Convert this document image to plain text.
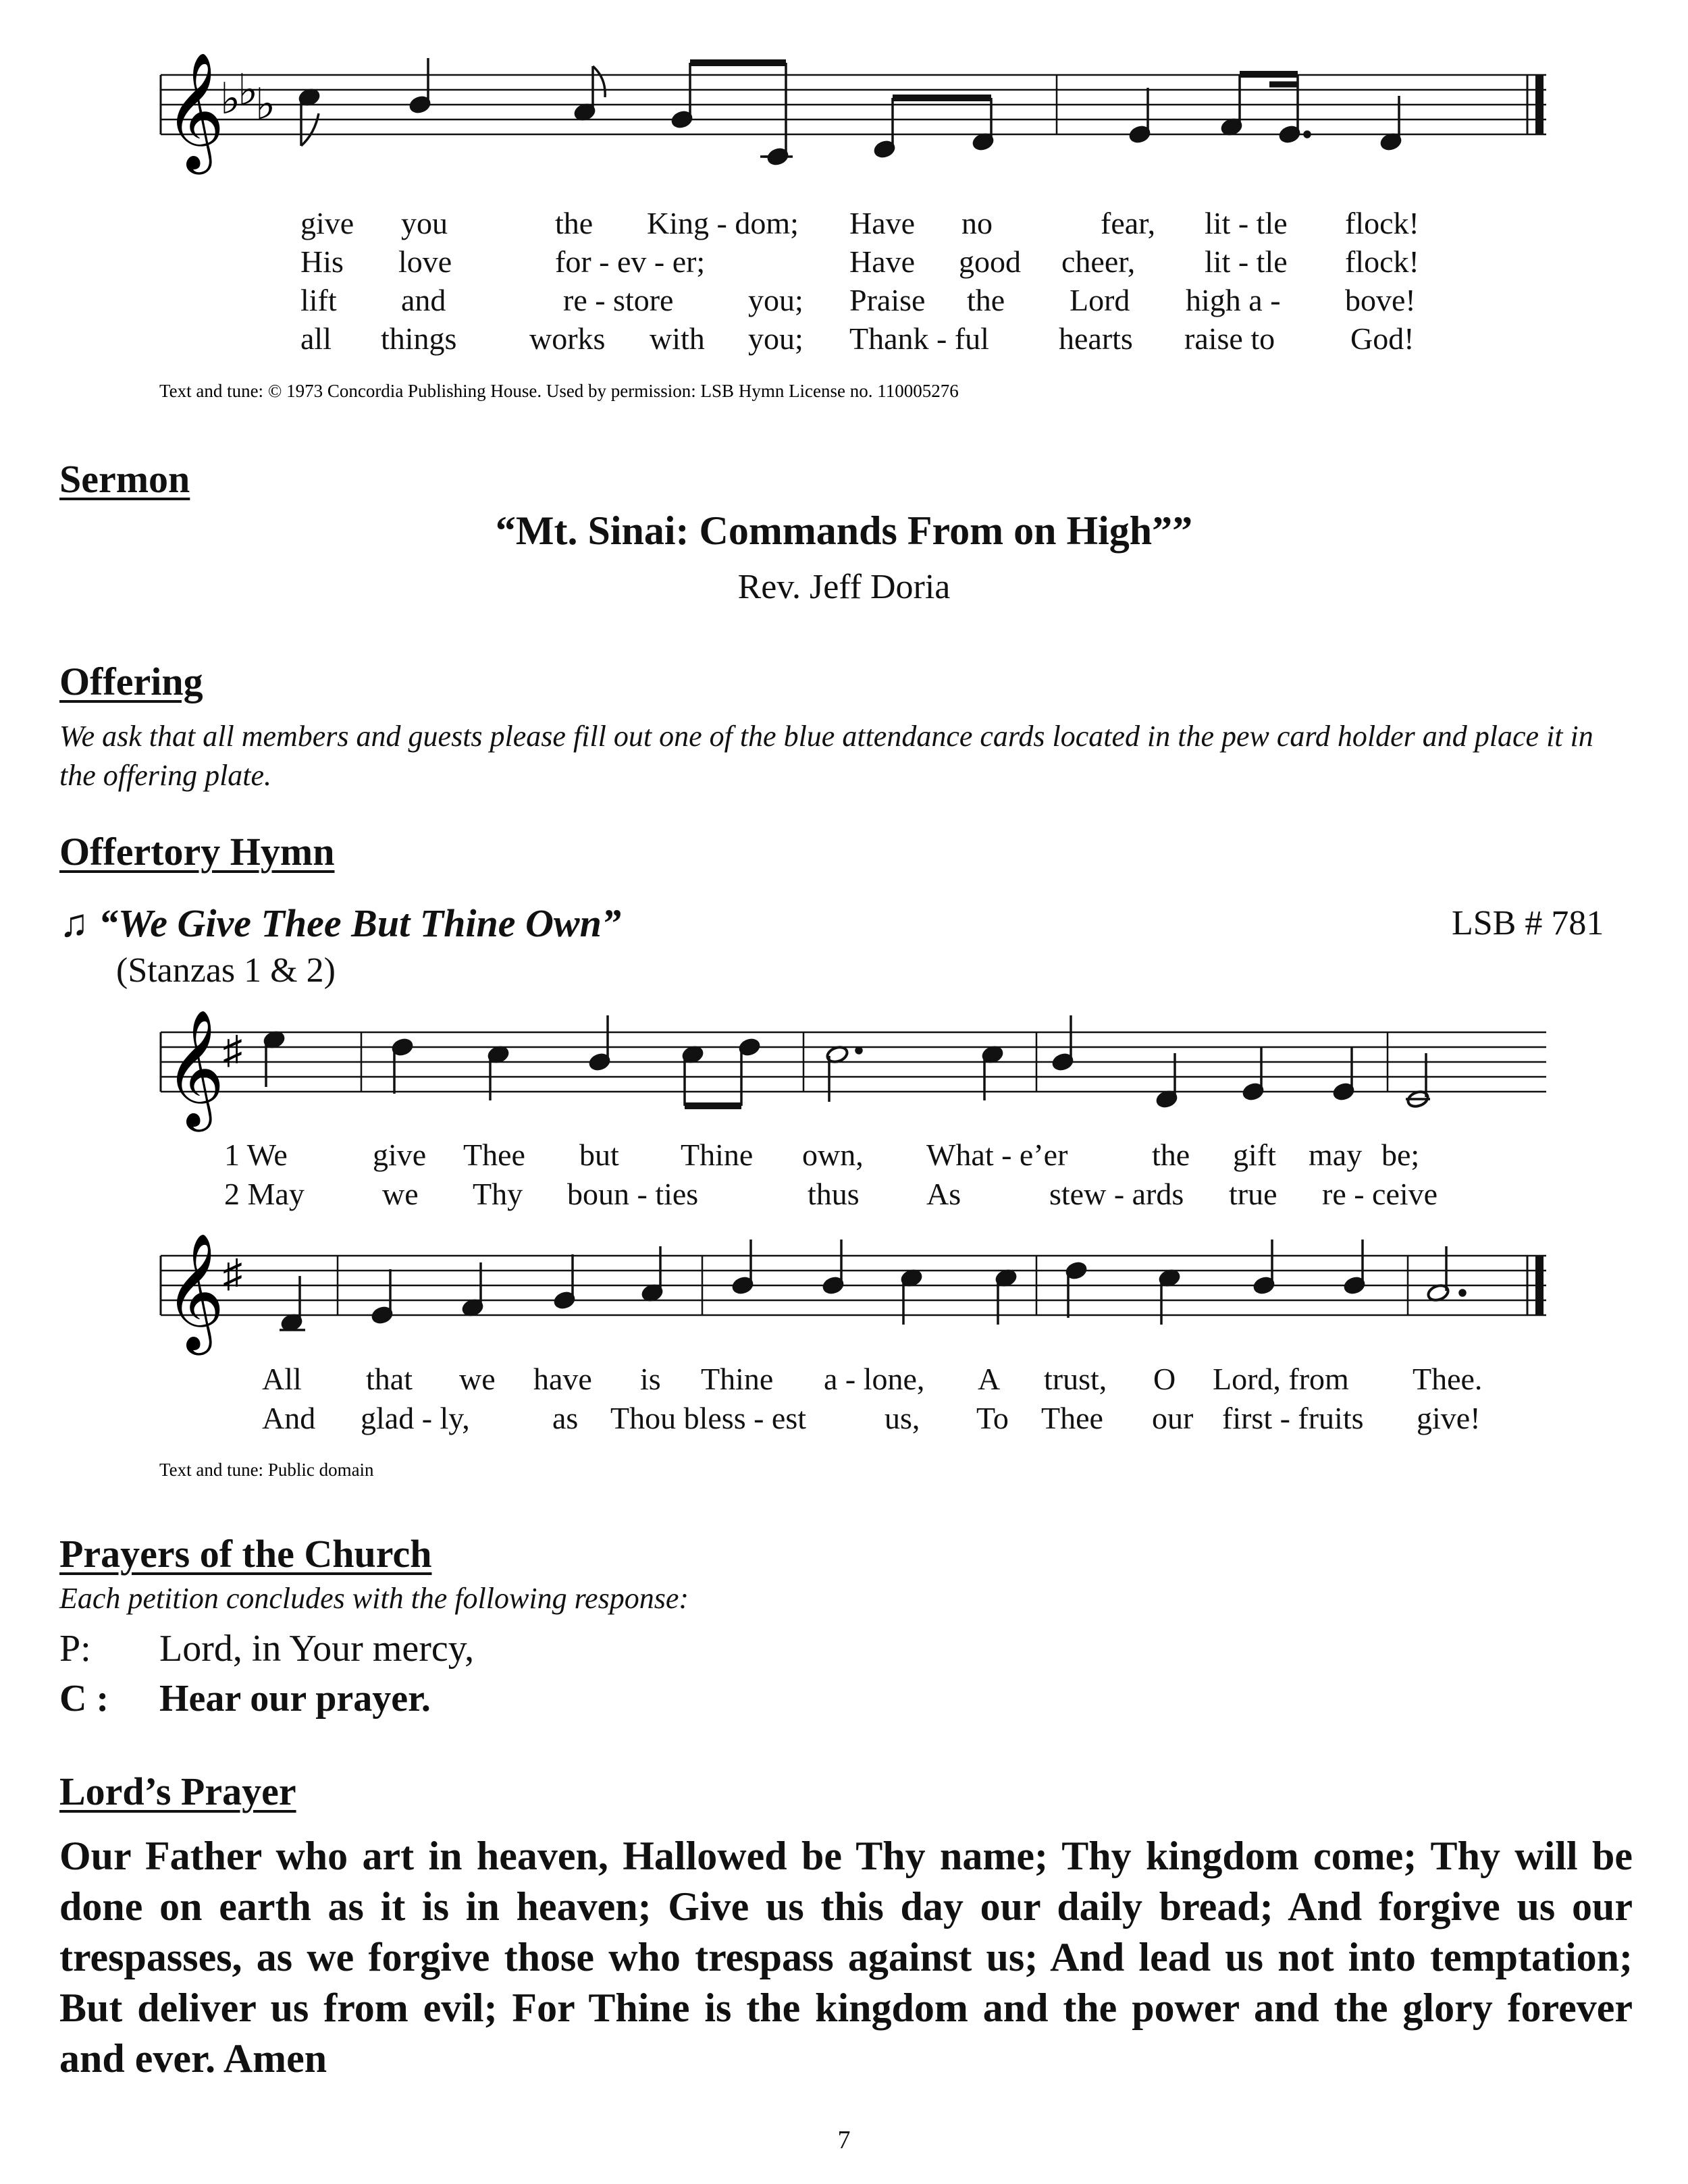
𝄞
♭
♭
♭
give you	the King - dom; Have no	fear, lit - tle flock!
His love	for - ev - er;	Have good cheer, lit - tle flock!
lift and	re - store you; Praise the Lord high a - bove!
all things works with you; Thank - ful hearts raise to God!
Text and tune: © 1973 Concordia Publishing House. Used by permission: LSB Hymn License no. 110005276
Sermon
“Mt. Sinai: Commands From on High””
Rev. Jeff Doria
Offering
We ask that all members and guests please fill out one of the blue attendance cards located in the pew card holder and place it in the offering plate.
Offertory Hymn
♫ “We Give Thee But Thine Own”	LSB # 781
(Stanzas 1 & 2)
𝄞
♯
1 We	give Thee but Thine own, What - e’er	the gift may be;
2 May	we Thy boun - ties	thus As	stew - ards true re - ceive
𝄞
♯
All that we have is Thine a - lone, A trust, O Lord, from Thee.
And glad - ly,	as Thou bless - est	us, To Thee our first - fruits give!
Text and tune: Public domain
Prayers of the Church
Each petition concludes with the following response:
P: Lord, in Your mercy,
C : Hear our prayer.
Lord’s Prayer
Our Father who art in heaven, Hallowed be Thy name; Thy kingdom come; Thy will be done on earth as it is in heaven; Give us this day our daily bread; And forgive us our trespasses, as we forgive those who trespass against us; And lead us not into temptation; But deliver us from evil; For Thine is the kingdom and the power and the glory forever and ever. Amen
7
